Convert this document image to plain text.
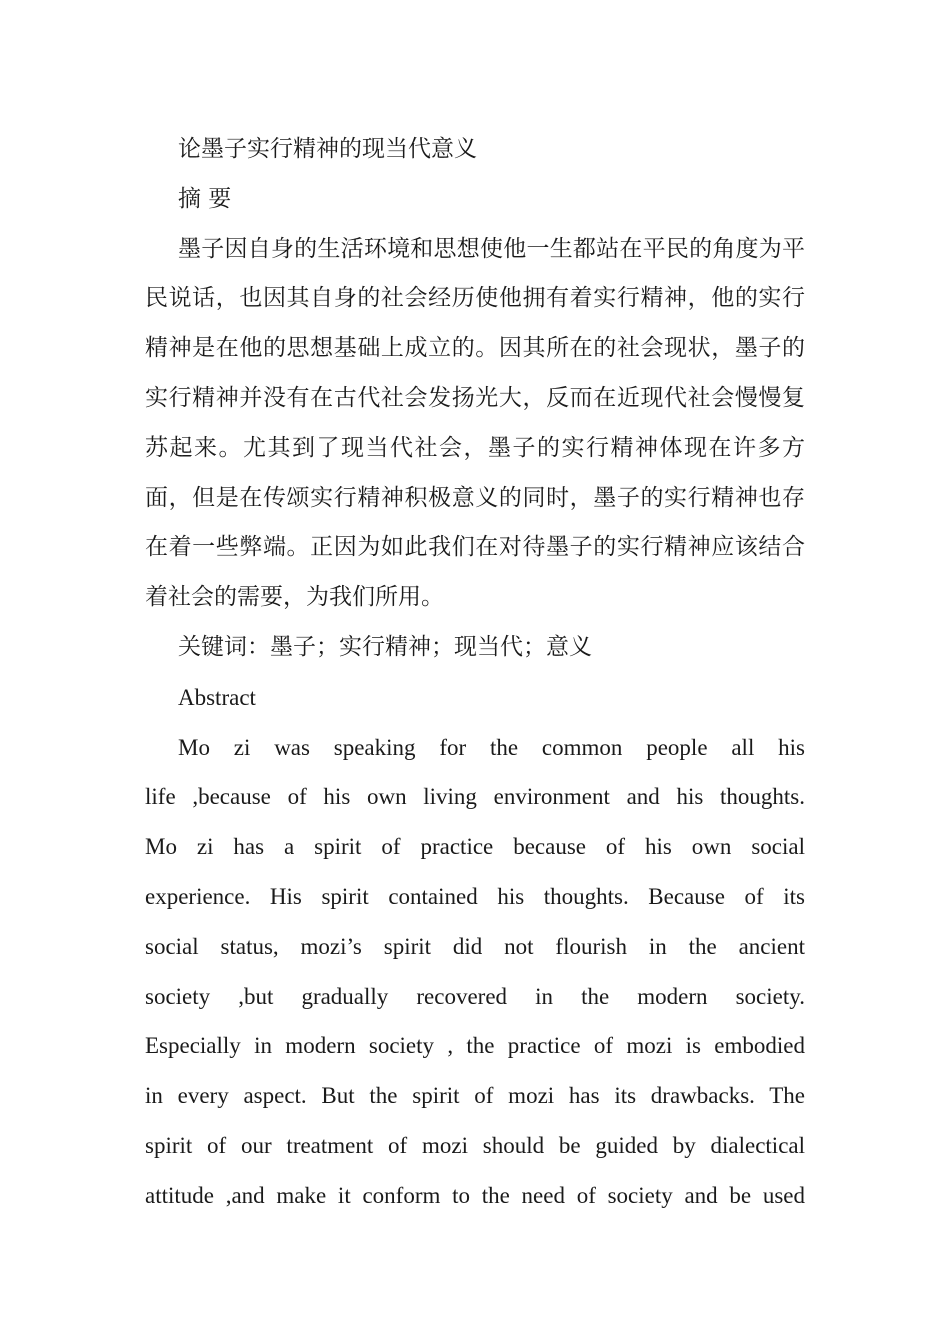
论墨子实行精神的现当代意义

摘 要

墨子因自身的生活环境和思想使他一生都站在平民的角度为平民说话，也因其自身的社会经历使他拥有着实行精神，他的实行精神是在他的思想基础上成立的。因其所在的社会现状，墨子的实行精神并没有在古代社会发扬光大，反而在近现代社会慢慢复苏起来。尤其到了现当代社会，墨子的实行精神体现在许多方面，但是在传颂实行精神积极意义的同时，墨子的实行精神也存在着一些弊端。正因为如此我们在对待墨子的实行精神应该结合着社会的需要，为我们所用。

关键词：墨子；实行精神；现当代；意义

Abstract

Mo zi was speaking for the common people all his

life ,because of his own living environment and his thoughts.

Mo zi has a spirit of practice because of his own social

experience. His spirit contained his thoughts. Because of its

social status, mozi’s spirit did not flourish in the ancient

society ,but gradually recovered in the modern society.

Especially in modern society , the practice of mozi is embodied

in every aspect. But the spirit of mozi has its drawbacks. The

spirit of our treatment of mozi should be guided by dialectical

attitude ,and make it conform to the need of society and be used
